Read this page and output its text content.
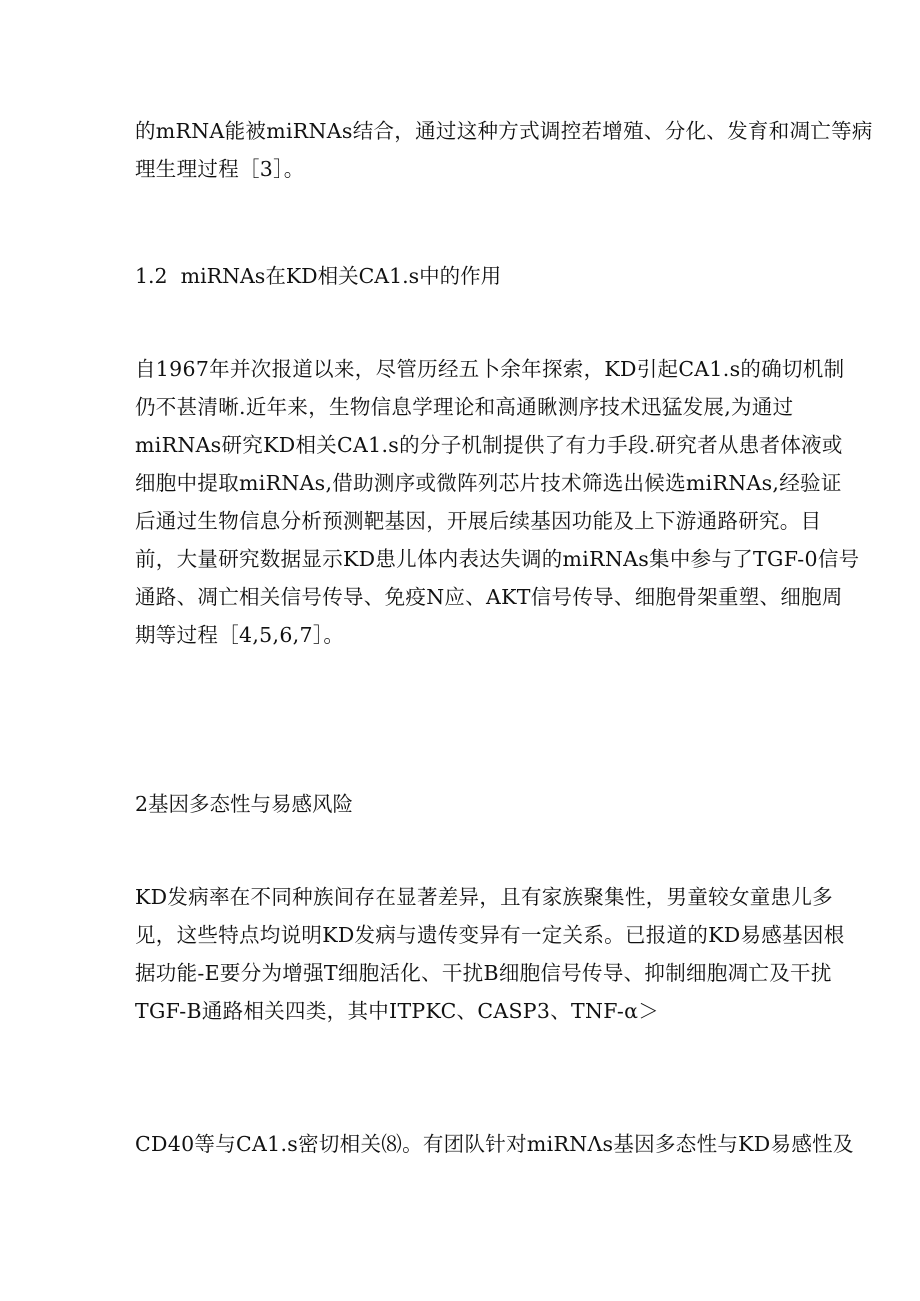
的mRNA能被miRNAs结合，通过这种方式调控若增殖、分化、发育和凋亡等病
理生理过程［3］。
1.2  miRNAs在KD相关CA1.s中的作用
自1967年并次报道以来，尽管历经五卜余年探索，KD引起CA1.s的确切机制
仍不甚清晰.近年来，生物信息学理论和高通瞅测序技术迅猛发展,为通过
miRNAs研究KD相关CA1.s的分子机制提供了有力手段.研究者从患者体液或
细胞中提取miRNAs,借助测序或微阵列芯片技术筛选出候选miRNAs,经验证
后通过生物信息分析预测靶基因，开展后续基因功能及上下游通路研究。目
前，大量研究数据显示KD患儿体内表达失调的miRNAs集中参与了TGF-0信号
通路、凋亡相关信号传导、免疫N应、AKT信号传导、细胞骨架重塑、细胞周
期等过程［4,5,6,7］。
2基因多态性与易感风险
KD发病率在不同种族间存在显著差异，且有家族聚集性，男童较女童患儿多
见，这些特点均说明KD发病与遗传变异有一定关系。已报道的KD易感基因根
据功能-E要分为增强T细胞活化、干扰B细胞信号传导、抑制细胞凋亡及干扰
TGF-B通路相关四类，其中ITPKC、CASP3、TNF-α＞
CD40等与CA1.s密切相关⑻。有团队针对miRNΛs基因多态性与KD易感性及
